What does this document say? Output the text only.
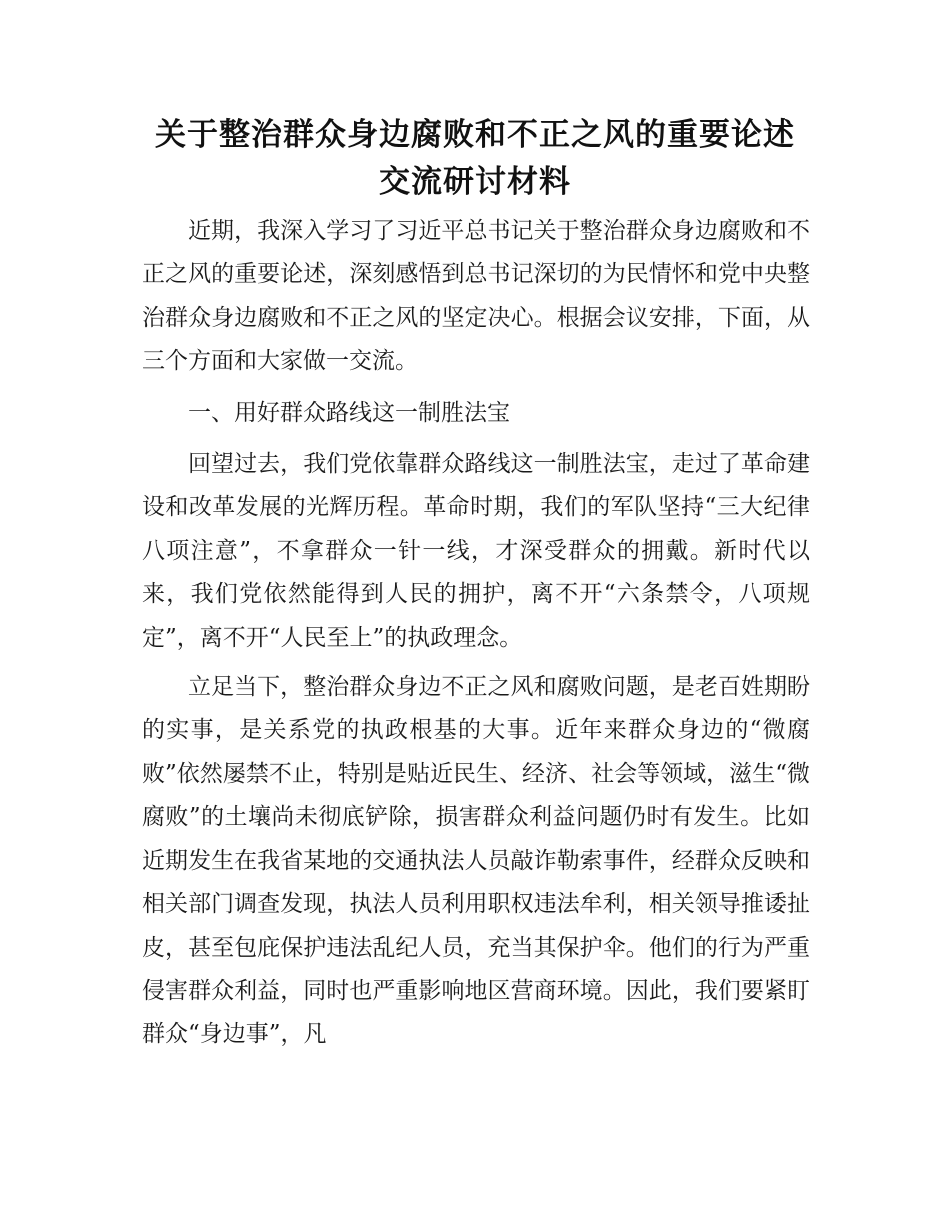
关于整治群众身边腐败和不正之风的重要论述
交流研讨材料

近期，我深入学习了习近平总书记关于整治群众身边腐败和不正之风的重要论述，深刻感悟到总书记深切的为民情怀和党中央整治群众身边腐败和不正之风的坚定决心。根据会议安排，下面，从三个方面和大家做一交流。

一、用好群众路线这一制胜法宝

回望过去，我们党依靠群众路线这一制胜法宝，走过了革命建设和改革发展的光辉历程。革命时期，我们的军队坚持“三大纪律八项注意”，不拿群众一针一线，才深受群众的拥戴。新时代以来，我们党依然能得到人民的拥护，离不开“六条禁令，八项规定”，离不开“人民至上”的执政理念。

立足当下，整治群众身边不正之风和腐败问题，是老百姓期盼的实事，是关系党的执政根基的大事。近年来群众身边的“微腐败”依然屡禁不止，特别是贴近民生、经济、社会等领域，滋生“微腐败”的土壤尚未彻底铲除，损害群众利益问题仍时有发生。比如近期发生在我省某地的交通执法人员敲诈勒索事件，经群众反映和相关部门调查发现，执法人员利用职权违法牟利，相关领导推诿扯皮，甚至包庇保护违法乱纪人员，充当其保护伞。他们的行为严重侵害群众利益，同时也严重影响地区营商环境。因此，我们要紧盯群众“身边事”，凡
